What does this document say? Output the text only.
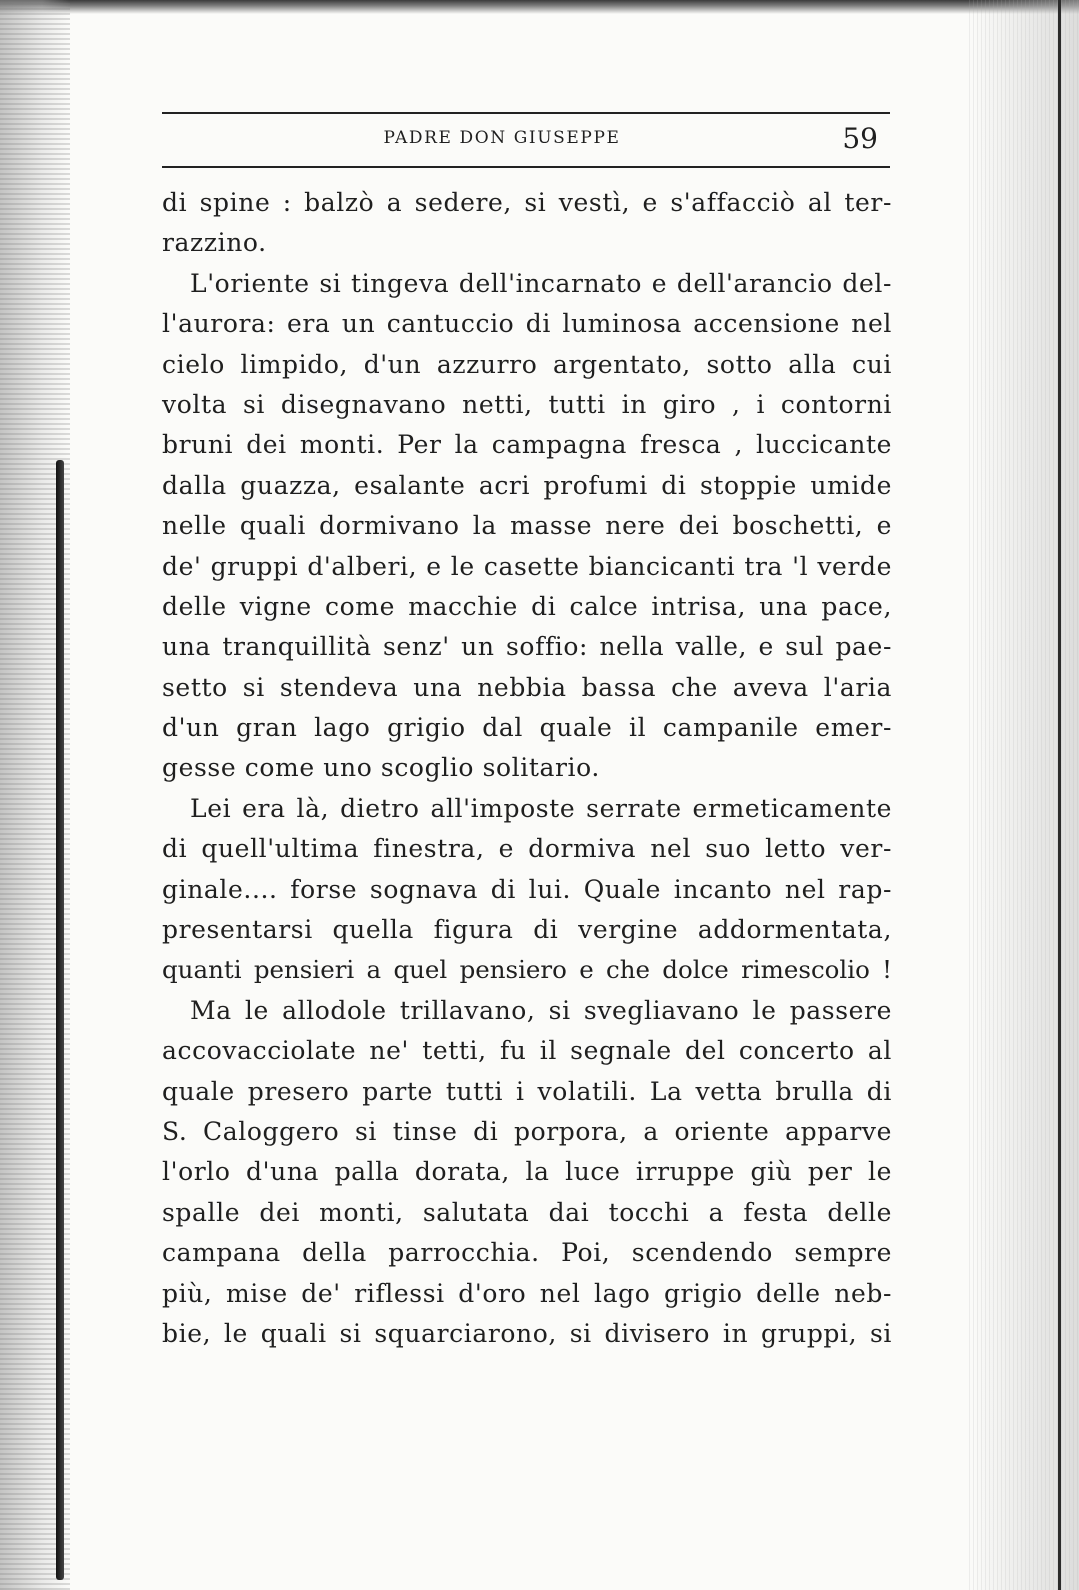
PADRE DON GIUSEPPE	59
di spine : balzò a sedere, si vestì, e s'affacciò al ter-
razzino.
L'oriente si tingeva dell'incarnato e dell'arancio del-
l'aurora: era un cantuccio di luminosa accensione nel
cielo limpido, d'un azzurro argentato, sotto alla cui
volta si disegnavano netti, tutti in giro , i contorni
bruni dei monti. Per la campagna fresca , luccicante
dalla guazza, esalante acri profumi di stoppie umide
nelle quali dormivano la masse nere dei boschetti, e
de' gruppi d'alberi, e le casette biancicanti tra 'l verde
delle vigne come macchie di calce intrisa, una pace,
una tranquillità senz' un soffio: nella valle, e sul pae-
setto si stendeva una nebbia bassa che aveva l'aria
d'un gran lago grigio dal quale il campanile emer-
gesse come uno scoglio solitario.
Lei era là, dietro all'imposte serrate ermeticamente
di quell'ultima finestra, e dormiva nel suo letto ver-
ginale.... forse sognava di lui. Quale incanto nel rap-
presentarsi quella figura di vergine addormentata,
quanti pensieri a quel pensiero e che dolce rimescolio !
Ma le allodole trillavano, si svegliavano le passere
accovacciolate ne' tetti, fu il segnale del concerto al
quale presero parte tutti i volatili. La vetta brulla di
S. Caloggero si tinse di porpora, a oriente apparve
l'orlo d'una palla dorata, la luce irruppe giù per le
spalle dei monti, salutata dai tocchi a festa delle
campana della parrocchia. Poi, scendendo sempre
più, mise de' riflessi d'oro nel lago grigio delle neb-
bie, le quali si squarciarono, si divisero in gruppi, si
